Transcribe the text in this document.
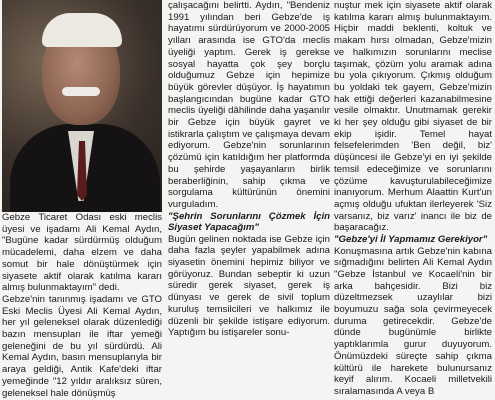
Gebze Ticaret Odası eski meclis üyesi ve işadamı Ali Kemal Aydın, "Bugüne kadar sürdürmüş olduğum mücadelemi, daha elzem ve daha somut bir hale dönüştürmek için siyasete aktif olarak katılma kararı almış bulunmaktayım" dedi.

Gebze'nin tanınmış işadamı ve GTO Eski Meclis Üyesi Ali Kemal Aydın, her yıl geleneksel olarak düzenlediği bazın mensupları ile iftar yemeği geleneğini de bu yıl sürdürdü. Ali Kemal Aydın, basın mensuplarıyla bir araya geldiği, Antik Kafe'deki iftar yemeğinde "12 yıldır aralıksız süren, geleneksel hale dönüşmüş

çalışacağını belirtti. Aydın, "Bendeniz 1991 yılından beri Gebze'de iş hayatımı sürdürüyorum ve 2000-2005 yılları arasında ise GTO'da meclis üyeliği yaptım. Gerek iş gereksе sosyal hayatta çok şey borçlu olduğumuz Gebze için hepimize büyük görevler düşüyor. İş hayatımın başlangıcından bugüne kadar GTO meclis üyeliği dâhilinde daha yaşanılır bir Gebze için büyük gayret ve istikrarla çalıştım ve çalışmaya devam ediyorum. Gebze'nin sorunlarının çözümü için katıldığım her platformda bu şehirde yaşayanların birlik beraberliğinin, sahip çıkma ve sorgulama kültürünün önemini vurguladım.

"Şehrin Sorunlarını Çözmek İçin Siyaset Yapacağım"

Bugün gelinen noktada ise Gebze için daha fazla şeyler yapabilmek adına siyasetin önemini hepimiz biliyor ve görüyoruz. Bundan sebeptir ki uzun süredir gerek siyaset, gerek iş dünyası ve gerek de sivil toplum kuruluş temsilcileri ve halkımız ile düzenli bir şekilde istişare ediyorum. Yaptığım bu istişareler sonu-

nuştur mek için siyasete aktif olarak katılma kararı almış bulunmaktayım. Hiçbir maddi beklenti, koltuk ve makam hırsı olmadan, Gebze'mizin ve halkımızın sorunlarını meclise taşımak, çözüm yolu aramak adına bu yola çıkıyorum. Çıkmış olduğum bu yoldaki tek gayem, Gebze'mizin hak ettiği değerleri kazanabilmesine vesile olmaktır. Unutmamak gerekir ki her şey olduğu gibi siyaset de bir ekip işidir. Temel hayat felsefelerimden 'Ben değil, biz' düşüncesi ile Gebze'yi en iyi şekilde temsil edeceğimize ve sorunlarını çözüme kavuşturulabileceğimize inanıyorum. Merhum Alaattin Kurt'un açmış olduğu ufuktan ilerleyerek 'Siz varsanız, biz varız' inancı ile biz de başaracağız.

"Gebze'yi İl Yapmamız Gerekiyor"

Konuşmasına artık Gebze'nin kabına sığmadığını belirten Ali Kemal Aydın "Gebze İstanbul ve Kocaeli'nin bir arka bahçesidir. Bizi biz düzeltmezsek uzaylılar bizi boyumuzu sağa sola çevirmeyecek duruma getirecekdir. Gebze'de dünde bugünümle birlikte yaptıklarımla gurur duyuyorum. Önümüzdeki süreçte sahip çıkma kültürü ile harekete bulunursanız keyif alırım. Kocaeli milletvekili sıralamasında A veya B
